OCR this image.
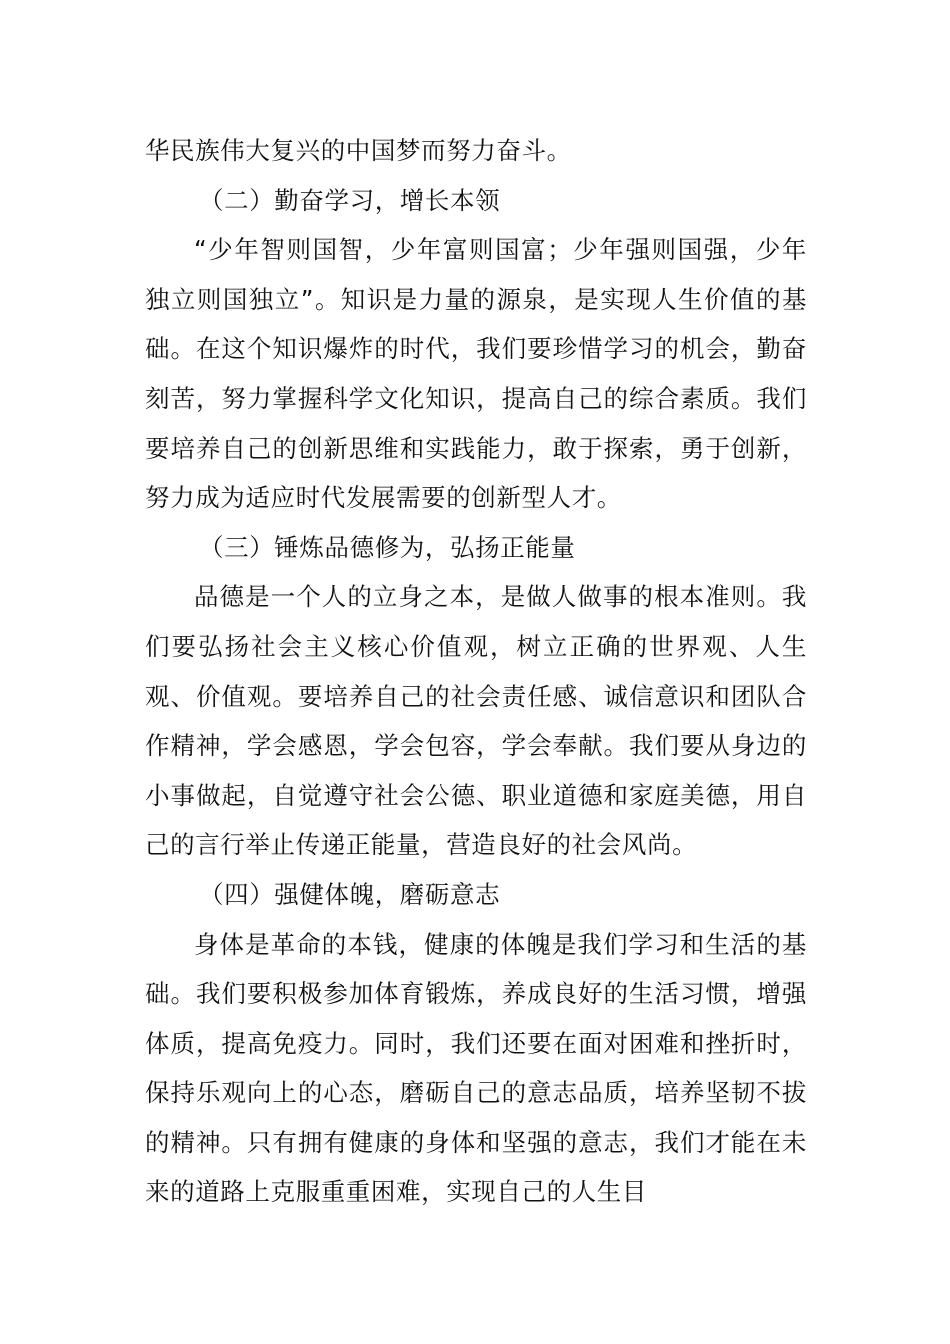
华民族伟大复兴的中国梦而努力奋斗。

（二）勤奋学习，增长本领

“少年智则国智，少年富则国富；少年强则国强，少年独立则国独立”。知识是力量的源泉，是实现人生价值的基础。在这个知识爆炸的时代，我们要珍惜学习的机会，勤奋刻苦，努力掌握科学文化知识，提高自己的综合素质。我们要培养自己的创新思维和实践能力，敢于探索，勇于创新，努力成为适应时代发展需要的创新型人才。

（三）锤炼品德修为，弘扬正能量

品德是一个人的立身之本，是做人做事的根本准则。我们要弘扬社会主义核心价值观，树立正确的世界观、人生观、价值观。要培养自己的社会责任感、诚信意识和团队合作精神，学会感恩，学会包容，学会奉献。我们要从身边的小事做起，自觉遵守社会公德、职业道德和家庭美德，用自己的言行举止传递正能量，营造良好的社会风尚。

（四）强健体魄，磨砺意志

身体是革命的本钱，健康的体魄是我们学习和生活的基础。我们要积极参加体育锻炼，养成良好的生活习惯，增强体质，提高免疫力。同时，我们还要在面对困难和挫折时，保持乐观向上的心态，磨砺自己的意志品质，培养坚韧不拔的精神。只有拥有健康的身体和坚强的意志，我们才能在未来的道路上克服重重困难，实现自己的人生目
